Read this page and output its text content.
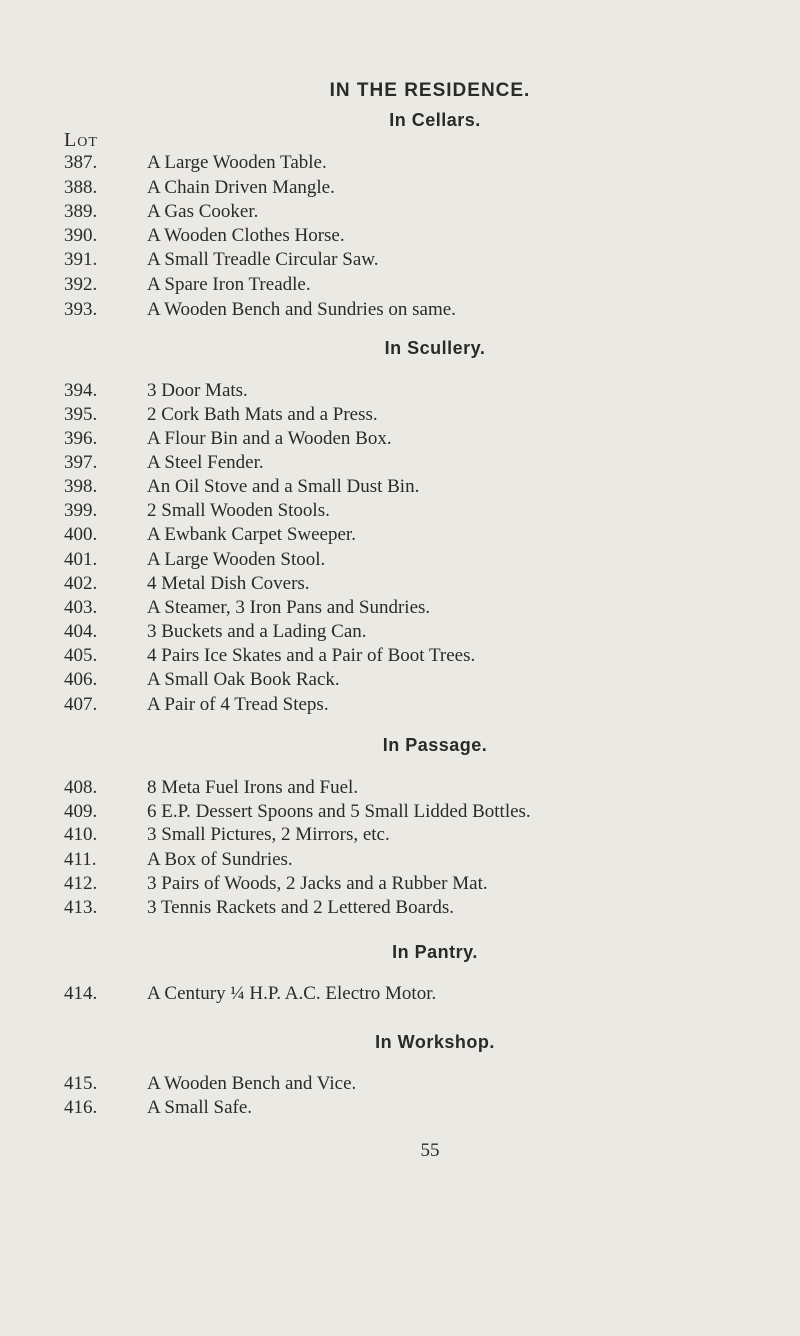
IN THE RESIDENCE.
Lot
In Cellars.
387.	A Large Wooden Table.
388.	A Chain Driven Mangle.
389.	A Gas Cooker.
390.	A Wooden Clothes Horse.
391.	A Small Treadle Circular Saw.
392.	A Spare Iron Treadle.
393.	A Wooden Bench and Sundries on same.
In Scullery.
394.	3 Door Mats.
395.	2 Cork Bath Mats and a Press.
396.	A Flour Bin and a Wooden Box.
397.	A Steel Fender.
398.	An Oil Stove and a Small Dust Bin.
399.	2 Small Wooden Stools.
400.	A Ewbank Carpet Sweeper.
401.	A Large Wooden Stool.
402.	4 Metal Dish Covers.
403.	A Steamer, 3 Iron Pans and Sundries.
404.	3 Buckets and a Lading Can.
405.	4 Pairs Ice Skates and a Pair of Boot Trees.
406.	A Small Oak Book Rack.
407.	A Pair of 4 Tread Steps.
In Passage.
408.	8 Meta Fuel Irons and Fuel.
409.	6 E.P. Dessert Spoons and 5 Small Lidded Bottles.
410.	3 Small Pictures, 2 Mirrors, etc.
411.	A Box of Sundries.
412.	3 Pairs of Woods, 2 Jacks and a Rubber Mat.
413.	3 Tennis Rackets and 2 Lettered Boards.
In Pantry.
414.	A Century ¼ H.P. A.C. Electro Motor.
In Workshop.
415.	A Wooden Bench and Vice.
416.	A Small Safe.
55
